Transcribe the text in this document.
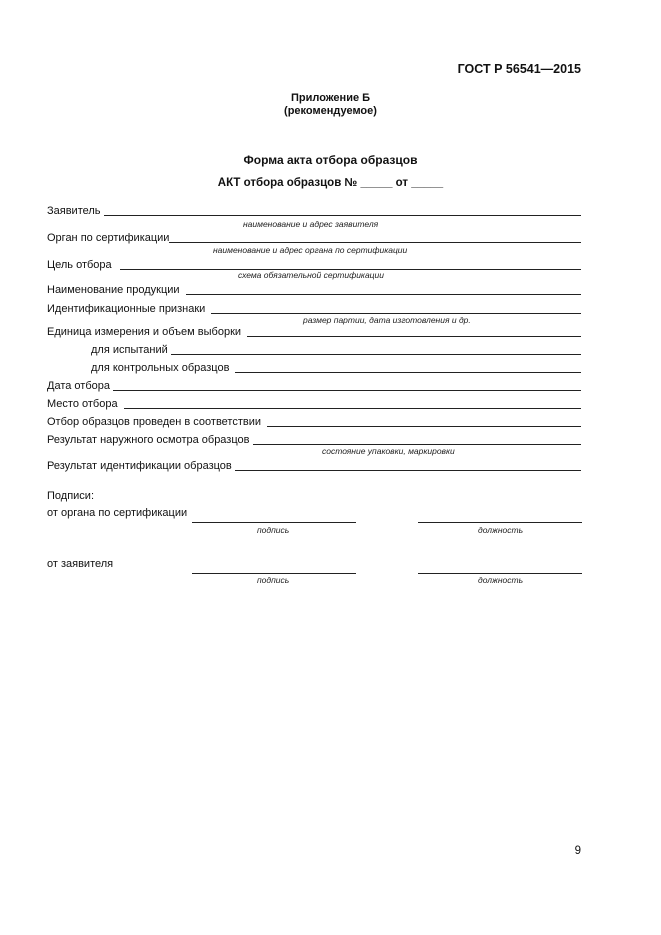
ГОСТ Р 56541—2015
Приложение Б
(рекомендуемое)
Форма акта отбора образцов
АКТ отбора образцов № _____ от _____
Заявитель
наименование и адрес заявителя
Орган по сертификации
наименование и адрес органа по сертификации
Цель отбора
схема обязательной сертификации
Наименование продукции
Идентификационные признаки
размер партии, дата изготовления и др.
Единица измерения и объем выборки
для испытаний
для контрольных образцов
Дата отбора
Место отбора
Отбор образцов проведен в соответствии
Результат наружного осмотра образцов
состояние упаковки, маркировки
Результат идентификации образцов
Подписи:
от органа по сертификации
подпись	должность
от заявителя
подпись	должность
9
